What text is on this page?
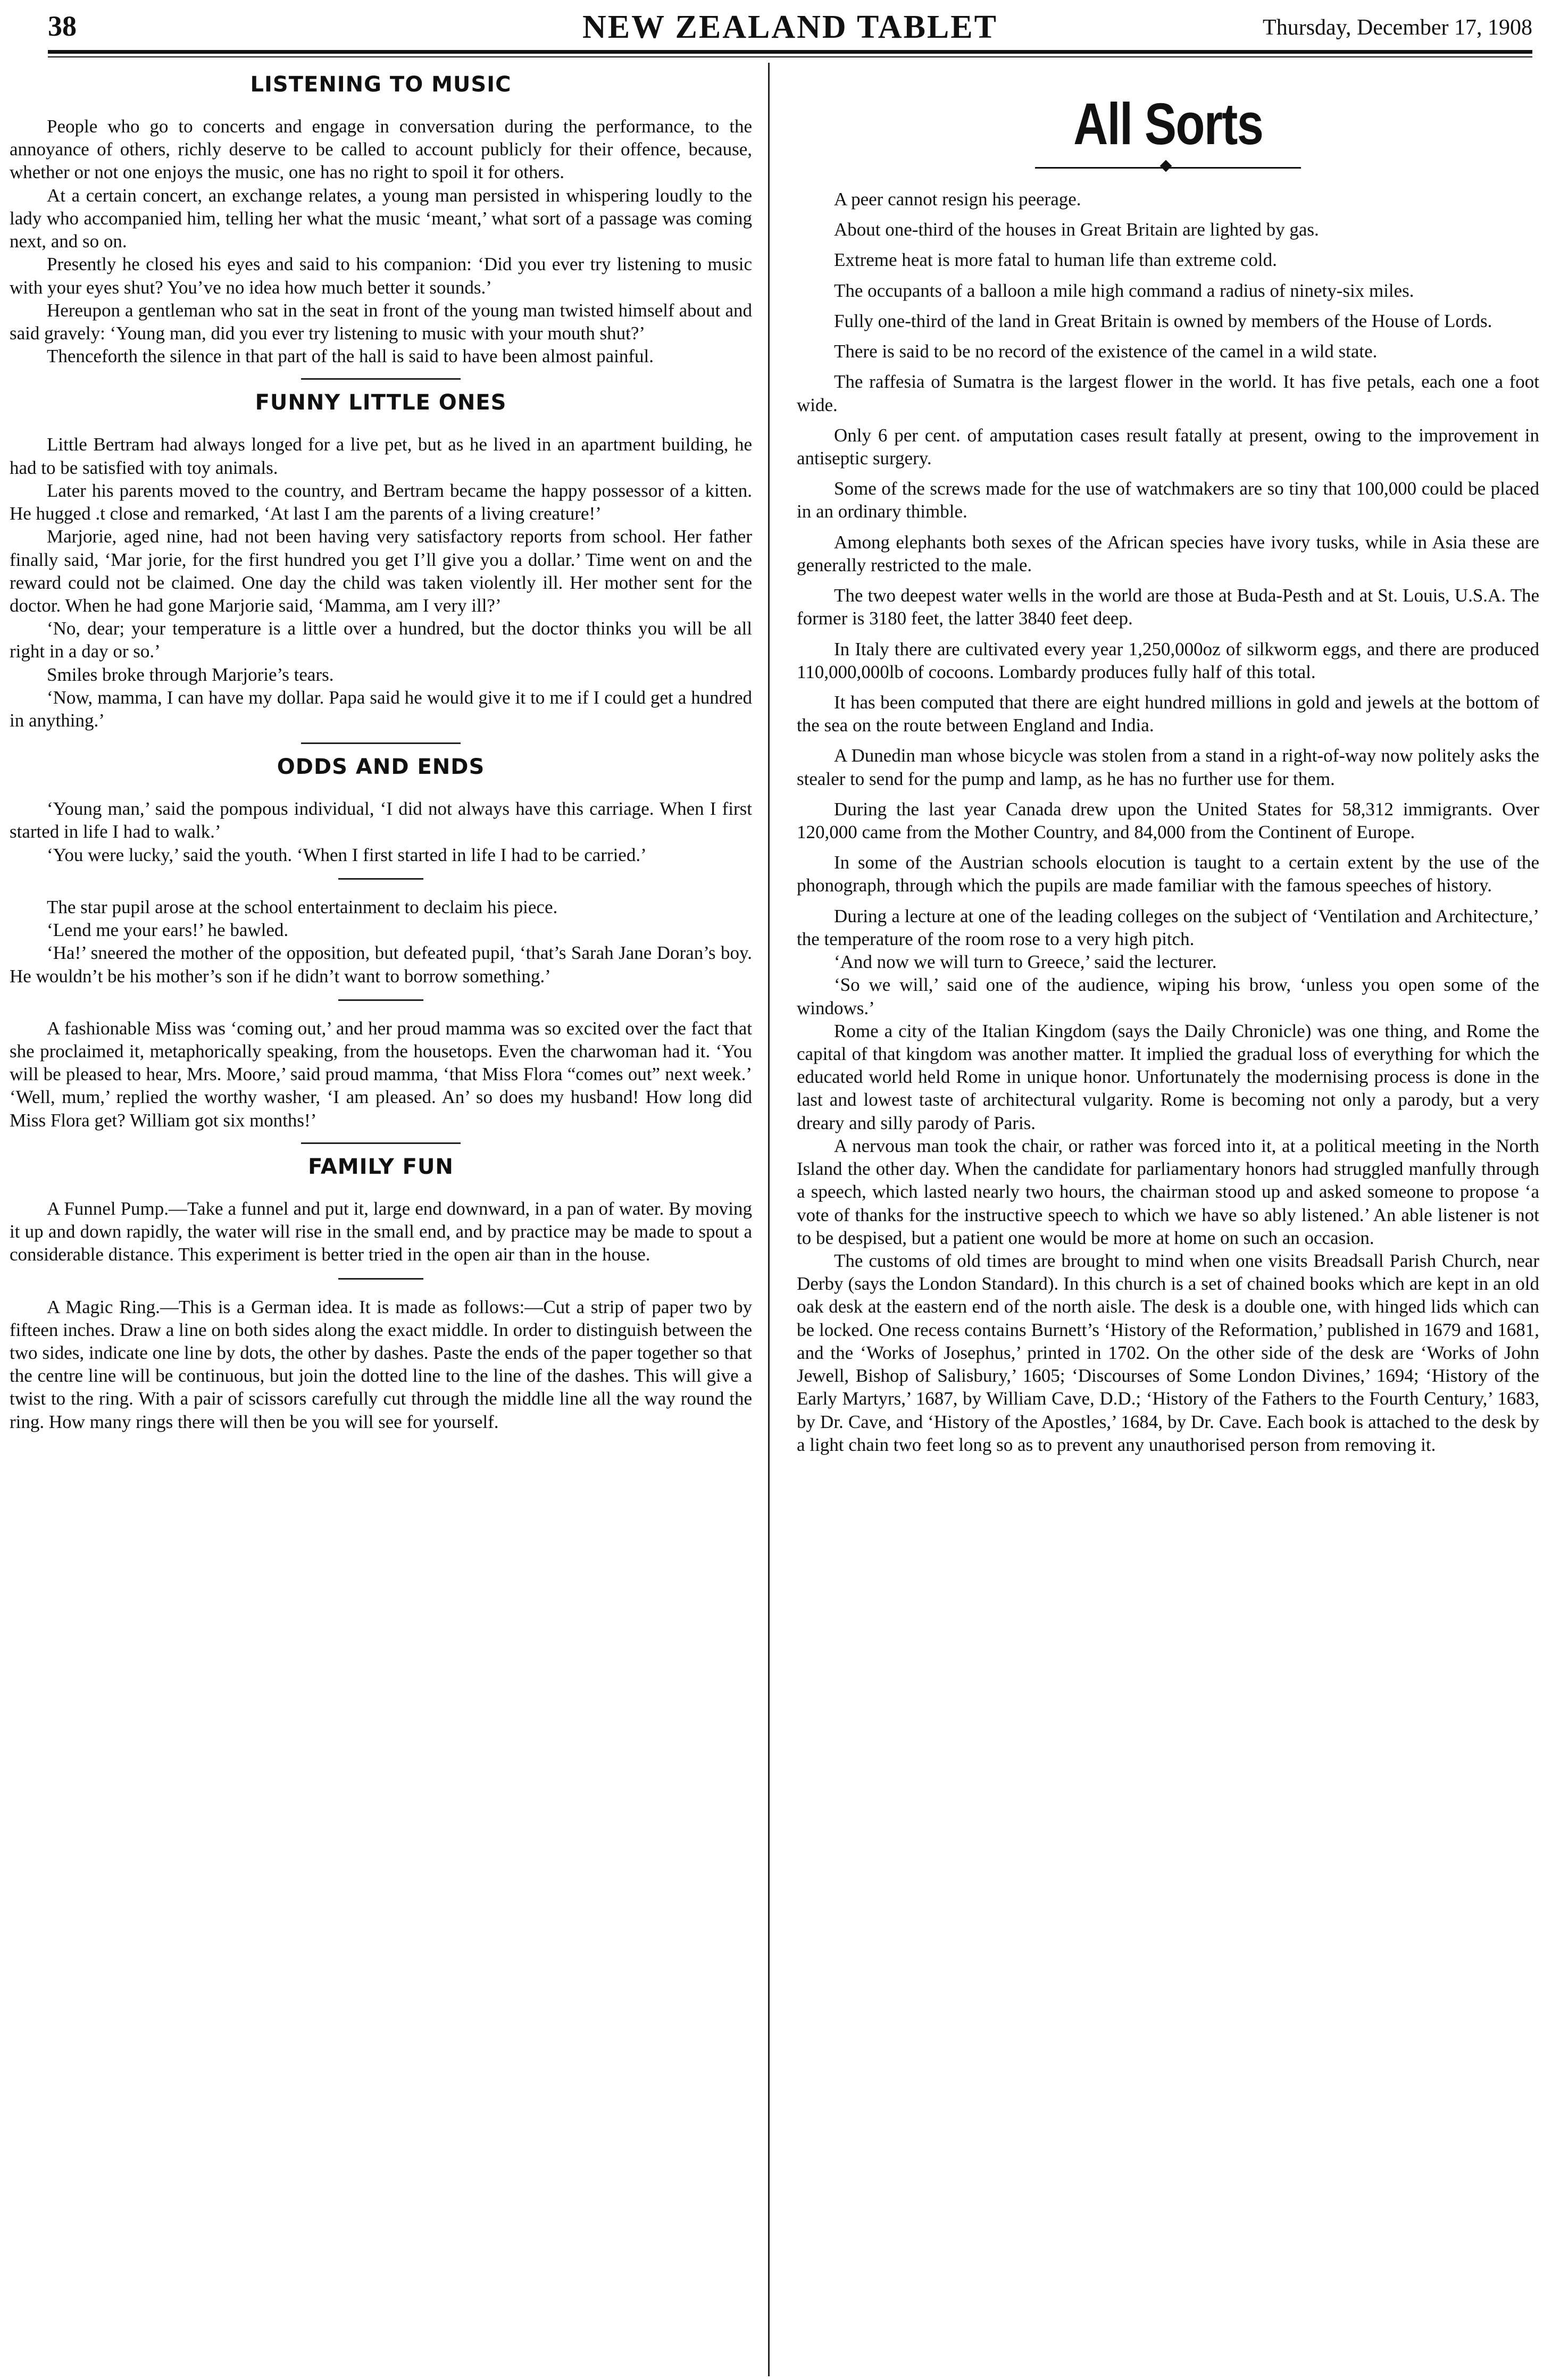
38	NEW ZEALAND TABLET	Thursday, December 17, 1908
LISTENING TO MUSIC

People who go to concerts and engage in conversation during the performance, to the annoyance of others, richly deserve to be called to account publicly for their offence, because, whether or not one enjoys the music, one has no right to spoil it for others.

At a certain concert, an exchange relates, a young man persisted in whispering loudly to the lady who accompanied him, telling her what the music ‘meant,’ what sort of a passage was coming next, and so on.

Presently he closed his eyes and said to his companion: ‘Did you ever try listening to music with your eyes shut? You’ve no idea how much better it sounds.’

Hereupon a gentleman who sat in the seat in front of the young man twisted himself about and said gravely: ‘Young man, did you ever try listening to music with your mouth shut?’

Thenceforth the silence in that part of the hall is said to have been almost painful.

FUNNY LITTLE ONES

Little Bertram had always longed for a live pet, but as he lived in an apartment building, he had to be satisfied with toy animals.

Later his parents moved to the country, and Bertram became the happy possessor of a kitten. He hugged .t close and remarked, ‘At last I am the parents of a living creature!’

Marjorie, aged nine, had not been having very satisfactory reports from school. Her father finally said, ‘Mar jorie, for the first hundred you get I’ll give you a dollar.’ Time went on and the reward could not be claimed. One day the child was taken violently ill. Her mother sent for the doctor. When he had gone Marjorie said, ‘Mamma, am I very ill?’

‘No, dear; your temperature is a little over a hundred, but the doctor thinks you will be all right in a day or so.’

Smiles broke through Marjorie’s tears.

‘Now, mamma, I can have my dollar. Papa said he would give it to me if I could get a hundred in anything.’

ODDS AND ENDS

‘Young man,’ said the pompous individual, ‘I did not always have this carriage. When I first started in life I had to walk.’

‘You were lucky,’ said the youth. ‘When I first started in life I had to be carried.’

The star pupil arose at the school entertainment to declaim his piece.

‘Lend me your ears!’ he bawled.

‘Ha!’ sneered the mother of the opposition, but defeated pupil, ‘that’s Sarah Jane Doran’s boy. He wouldn’t be his mother’s son if he didn’t want to borrow something.’

A fashionable Miss was ‘coming out,’ and her proud mamma was so excited over the fact that she proclaimed it, metaphorically speaking, from the housetops. Even the charwoman had it. ‘You will be pleased to hear, Mrs. Moore,’ said proud mamma, ‘that Miss Flora “comes out” next week.’ ‘Well, mum,’ replied the worthy washer, ‘I am pleased. An’ so does my husband! How long did Miss Flora get? William got six months!’

FAMILY FUN

A Funnel Pump.—Take a funnel and put it, large end downward, in a pan of water. By moving it up and down rapidly, the water will rise in the small end, and by practice may be made to spout a considerable distance. This experiment is better tried in the open air than in the house.

A Magic Ring.—This is a German idea. It is made as follows:—Cut a strip of paper two by fifteen inches. Draw a line on both sides along the exact middle. In order to distinguish between the two sides, indicate one line by dots, the other by dashes. Paste the ends of the paper together so that the centre line will be continuous, but join the dotted line to the line of the dashes. This will give a twist to the ring. With a pair of scissors carefully cut through the middle line all the way round the ring. How many rings there will then be you will see for yourself.

All Sorts

A peer cannot resign his peerage.

About one-third of the houses in Great Britain are lighted by gas.

Extreme heat is more fatal to human life than extreme cold.

The occupants of a balloon a mile high command a radius of ninety-six miles.

Fully one-third of the land in Great Britain is owned by members of the House of Lords.

There is said to be no record of the existence of the camel in a wild state.

The raffesia of Sumatra is the largest flower in the world. It has five petals, each one a foot wide.

Only 6 per cent. of amputation cases result fatally at present, owing to the improvement in antiseptic surgery.

Some of the screws made for the use of watchmakers are so tiny that 100,000 could be placed in an ordinary thimble.

Among elephants both sexes of the African species have ivory tusks, while in Asia these are generally restricted to the male.

The two deepest water wells in the world are those at Buda-Pesth and at St. Louis, U.S.A. The former is 3180 feet, the latter 3840 feet deep.

In Italy there are cultivated every year 1,250,000oz of silkworm eggs, and there are produced 110,000,000lb of cocoons. Lombardy produces fully half of this total.

It has been computed that there are eight hundred millions in gold and jewels at the bottom of the sea on the route between England and India.

A Dunedin man whose bicycle was stolen from a stand in a right-of-way now politely asks the stealer to send for the pump and lamp, as he has no further use for them.

During the last year Canada drew upon the United States for 58,312 immigrants. Over 120,000 came from the Mother Country, and 84,000 from the Continent of Europe.

In some of the Austrian schools elocution is taught to a certain extent by the use of the phonograph, through which the pupils are made familiar with the famous speeches of history.

During a lecture at one of the leading colleges on the subject of ‘Ventilation and Architecture,’ the temperature of the room rose to a very high pitch.

‘And now we will turn to Greece,’ said the lecturer.

‘So we will,’ said one of the audience, wiping his brow, ‘unless you open some of the windows.’

Rome a city of the Italian Kingdom (says the Daily Chronicle) was one thing, and Rome the capital of that kingdom was another matter. It implied the gradual loss of everything for which the educated world held Rome in unique honor. Unfortunately the modernising process is done in the last and lowest taste of architectural vulgarity. Rome is becoming not only a parody, but a very dreary and silly parody of Paris.

A nervous man took the chair, or rather was forced into it, at a political meeting in the North Island the other day. When the candidate for parliamentary honors had struggled manfully through a speech, which lasted nearly two hours, the chairman stood up and asked someone to propose ‘a vote of thanks for the instructive speech to which we have so ably listened.’ An able listener is not to be despised, but a patient one would be more at home on such an occasion.

The customs of old times are brought to mind when one visits Breadsall Parish Church, near Derby (says the London Standard). In this church is a set of chained books which are kept in an old oak desk at the eastern end of the north aisle. The desk is a double one, with hinged lids which can be locked. One recess contains Burnett’s ‘History of the Reformation,’ published in 1679 and 1681, and the ‘Works of Josephus,’ printed in 1702. On the other side of the desk are ‘Works of John Jewell, Bishop of Salisbury,’ 1605; ‘Discourses of Some London Divines,’ 1694; ‘History of the Early Martyrs,’ 1687, by William Cave, D.D.; ‘History of the Fathers to the Fourth Century,’ 1683, by Dr. Cave, and ‘History of the Apostles,’ 1684, by Dr. Cave. Each book is attached to the desk by a light chain two feet long so as to prevent any unauthorised person from removing it.
